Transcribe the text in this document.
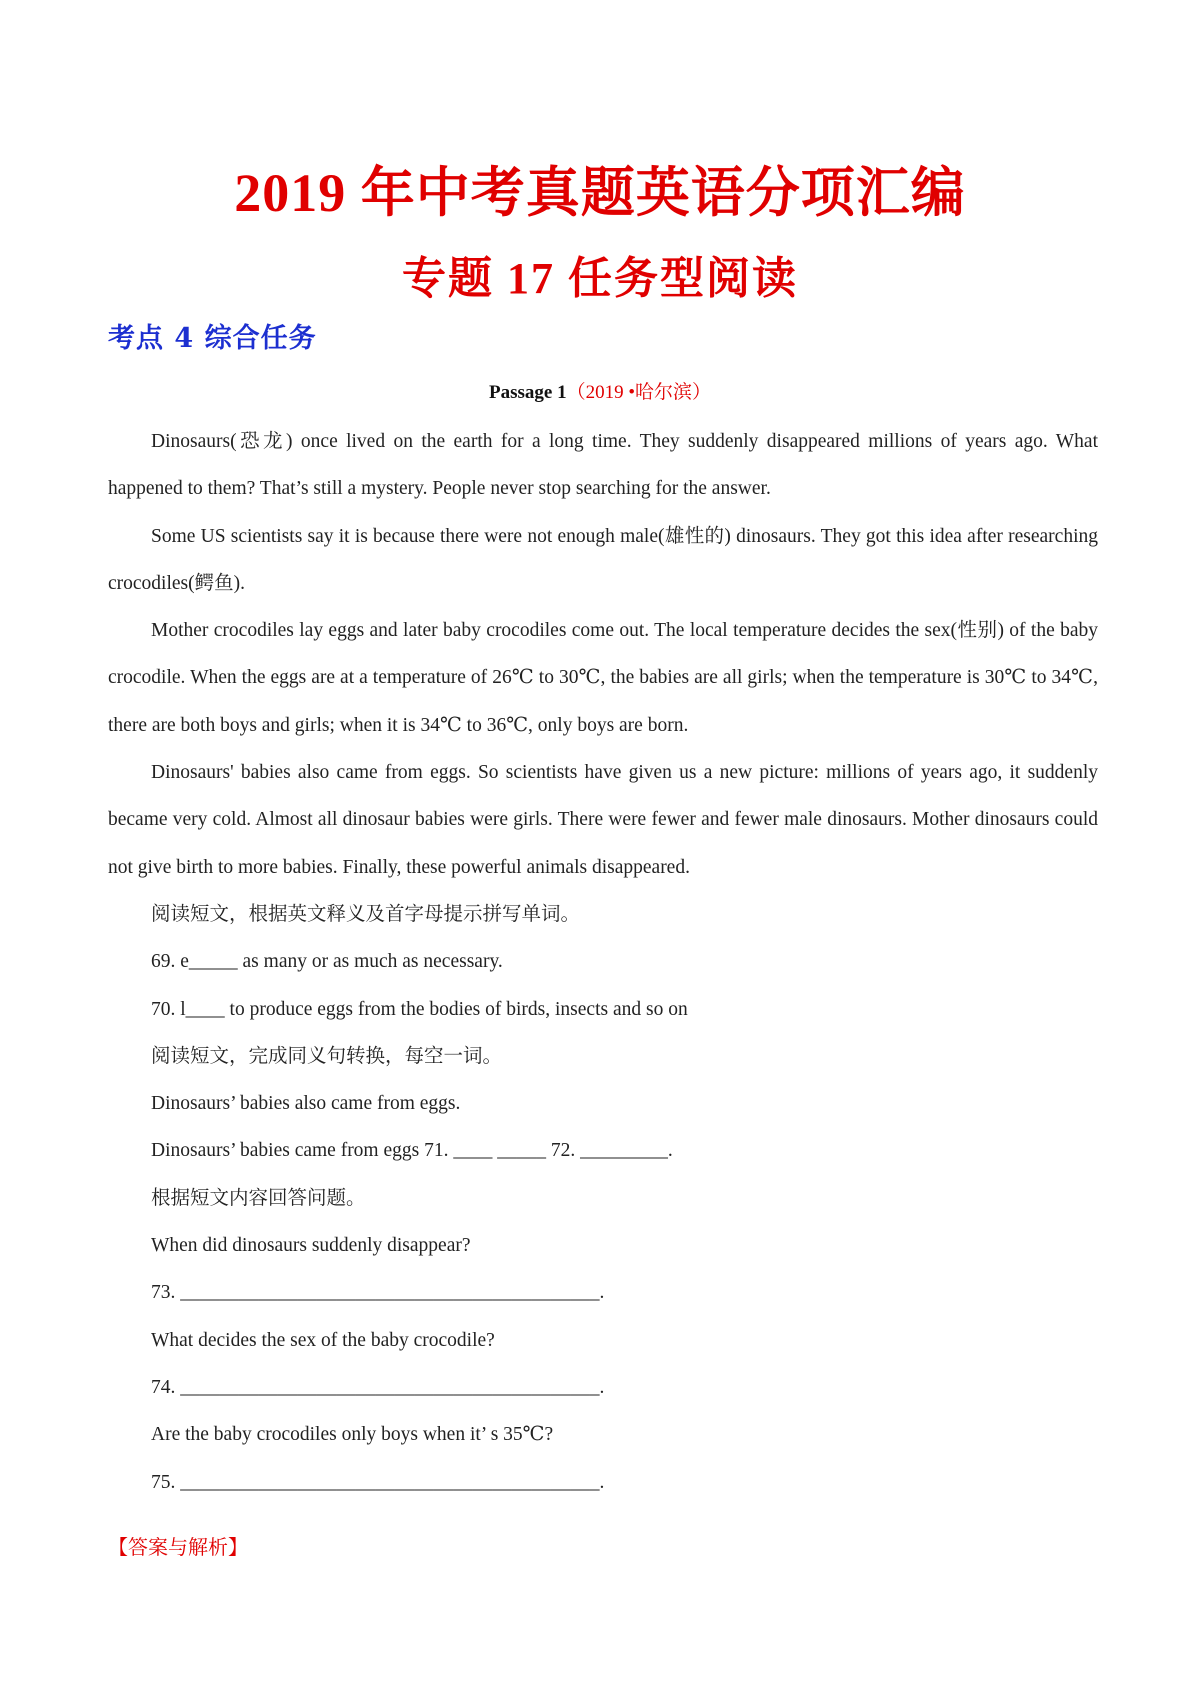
2019 年中考真题英语分项汇编
专题 17 任务型阅读
考点 4 综合任务
Passage 1（2019 •哈尔滨）

Dinosaurs(恐龙) once lived on the earth for a long time. They suddenly disappeared millions of years ago. What happened to them? That’s still a mystery. People never stop searching for the answer.

Some US scientists say it is because there were not enough male(雄性的) dinosaurs. They got this idea after researching crocodiles(鳄鱼).

Mother crocodiles lay eggs and later baby crocodiles come out. The local temperature decides the sex(性别) of the baby crocodile. When the eggs are at a temperature of 26℃ to 30℃, the babies are all girls; when the temperature is 30℃ to 34℃, there are both boys and girls; when it is 34℃ to 36℃, only boys are born.

Dinosaurs' babies also came from eggs. So scientists have given us a new picture: millions of years ago, it suddenly became very cold. Almost all dinosaur babies were girls. There were fewer and fewer male dinosaurs. Mother dinosaurs could not give birth to more babies. Finally, these powerful animals disappeared.

阅读短文，根据英文释义及首字母提示拼写单词。

69. e_____ as many or as much as necessary.

70. l____ to produce eggs from the bodies of birds, insects and so on

阅读短文，完成同义句转换，每空一词。

Dinosaurs’ babies also came from eggs.

Dinosaurs’ babies came from eggs 71. ____ _____ 72. _________.

根据短文内容回答问题。

When did dinosaurs suddenly disappear?

73. ___________________________________________.

What decides the sex of the baby crocodile?

74. ___________________________________________.

Are the baby crocodiles only boys when it’ s 35℃?

75. ___________________________________________.

【答案与解析】
